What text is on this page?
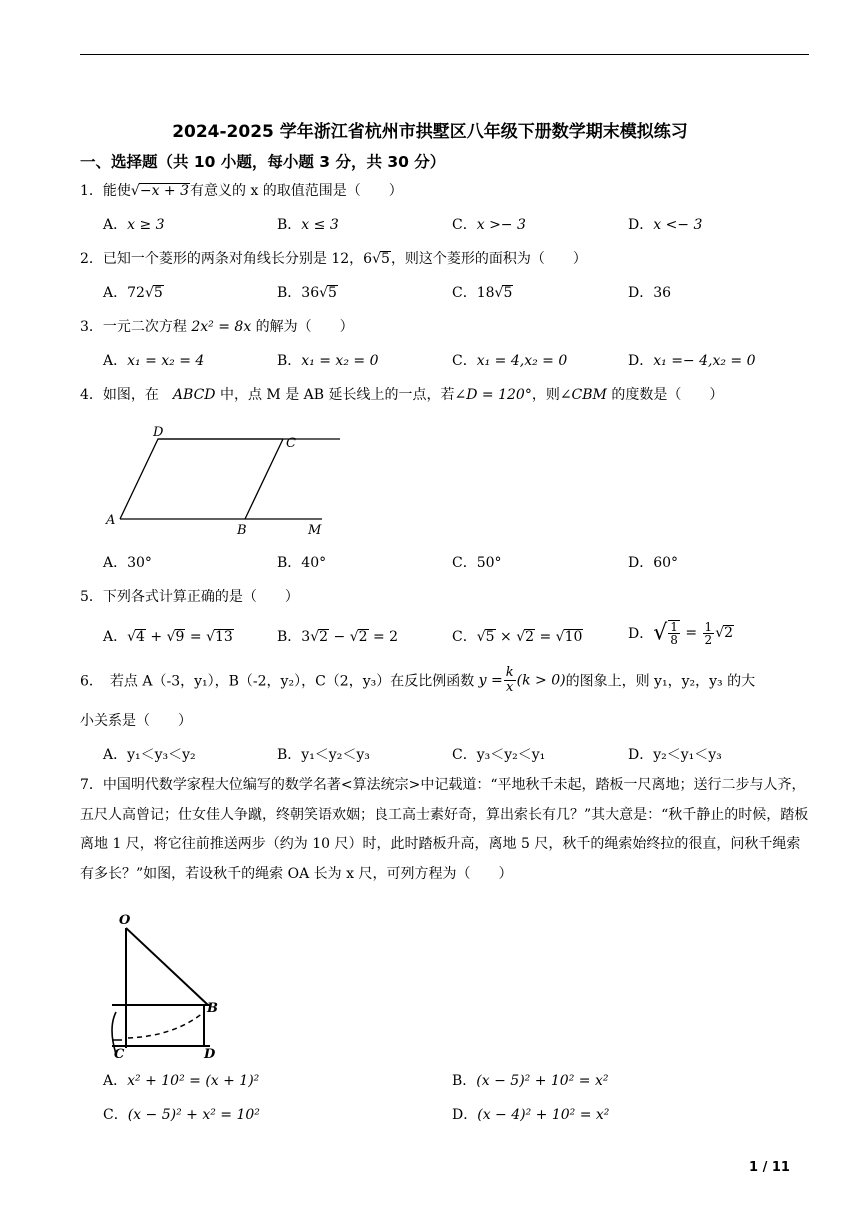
2024-2025 学年浙江省杭州市拱墅区八年级下册数学期末模拟练习
一、选择题（共 10 小题，每小题 3 分，共 30 分）
1．能使√−x + 3有意义的 x 的取值范围是（　　）
A．x ≥ 3	B．x ≤ 3	C．x >− 3	D．x <− 3
2．已知一个菱形的两条对角线长分别是 12，6√5，则这个菱形的面积为（　　）
A．72√5	B．36√5	C．18√5	D．36
3．一元二次方程 2x² = 8x 的解为（　　）
A．x₁ = x₂ = 4	B．x₁ = x₂ = 0	C．x₁ = 4,x₂ = 0	D．x₁ =− 4,x₂ = 0
4．如图，在　ABCD 中，点 M 是 AB 延长线上的一点，若∠D = 120°，则∠CBM 的度数是（　　）
D
C
A
B	M
A．30°	B．40°	C．50°	D．60°
5．下列各式计算正确的是（　　）
A．√4 + √9 = √13	B．3√2 − √2 = 2	C．√5 × √2 = √10	D．√ $\frac{1}{8} = \frac{1}{2} √2$
6．　若点 A（-3，y₁），B（-2，y₂），C（2，y₃）在反比例函数 $y = \frac{k}{x} (k > 0)$的图象上，则 y₁，y₂，y₃ 的大
小关系是（　　）
A．y₁＜y₃＜y₂	B．y₁＜y₂＜y₃	C．y₃＜y₂＜y₁	D．y₂＜y₁＜y₃
7．中国明代数学家程大位编写的数学名著<算法统宗>中记载道：“平地秋千未起，踏板一尺离地；送行二步与人齐，五尺人高曾记；仕女佳人争蹴，终朝笑语欢姻；良工高士素好奇，算出索长有几？”其大意是：“秋千静止的时候，踏板离地 1 尺，将它往前推送两步（约为 10 尺）时，此时踏板升高，离地 5 尺，秋千的绳索始终拉的很直，问秋千绳索有多长？”如图，若设秋千的绳索 OA 长为 x 尺，可列方程为（　　）
O
B
C	D
A．x² + 10² = (x + 1)²	B．(x − 5)² + 10² = x²
C．(x − 5)² + x² = 10²	D．(x − 4)² + 10² = x²
1 / 11
